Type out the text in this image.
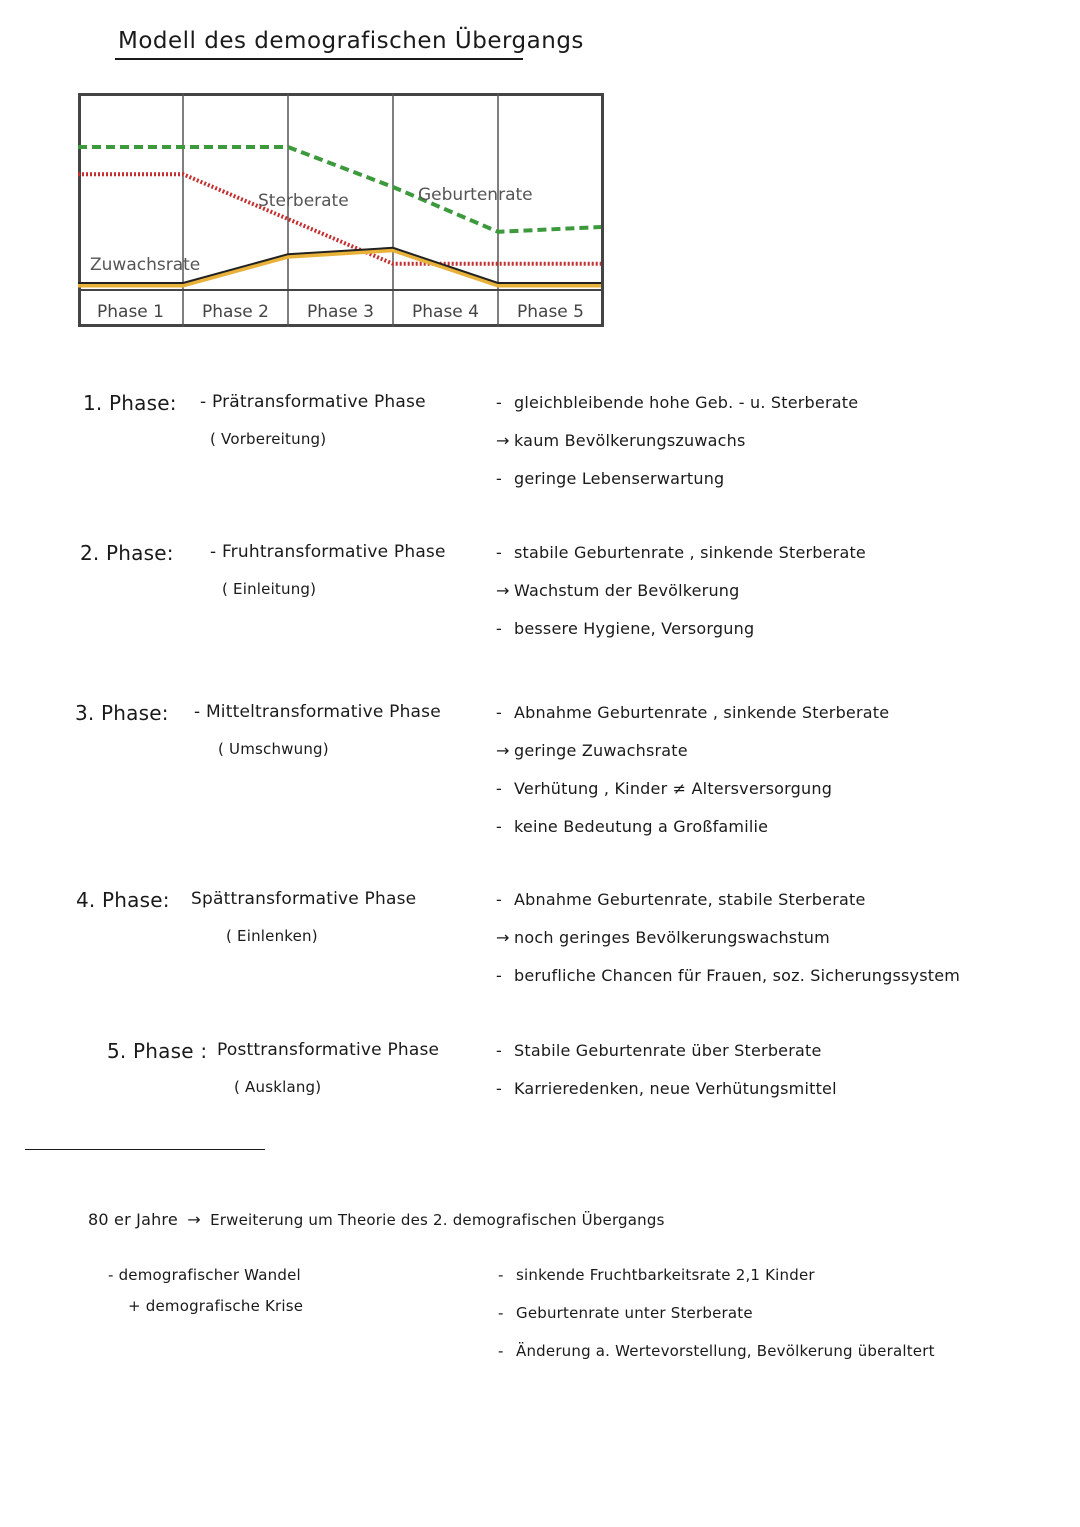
Modell des demografischen Übergangs
Geburtenrate
Sterberate
Zuwachsrate
Phase 1 Phase 2 Phase 3 Phase 4 Phase 5
1. Phase: - Prätransformative Phase
( Vorbereitung)
- gleichbleibende hohe Geb. - u. Sterberate
→ kaum Bevölkerungszuwachs
- geringe Lebenserwartung
2. Phase: - Fruhtransformative Phase
( Einleitung)
- stabile Geburtenrate , sinkende Sterberate
→ Wachstum der Bevölkerung
- bessere Hygiene, Versorgung
3. Phase: - Mitteltransformative Phase
( Umschwung)
- Abnahme Geburtenrate , sinkende Sterberate
→ geringe Zuwachsrate
- Verhütung , Kinder ≠ Altersversorgung
- keine Bedeutung a Großfamilie
4. Phase: Spättransformative Phase
( Einlenken)
- Abnahme Geburtenrate, stabile Sterberate
→ noch geringes Bevölkerungswachstum
- berufliche Chancen für Frauen, soz. Sicherungssystem
5. Phase : Posttransformative Phase
( Ausklang)
- Stabile Geburtenrate über Sterberate
- Karrieredenken, neue Verhütungsmittel
80 er Jahre → Erweiterung um Theorie des 2. demografischen Übergangs
- demografischer Wandel
+ demografische Krise
- sinkende Fruchtbarkeitsrate 2,1 Kinder
- Geburtenrate unter Sterberate
- Änderung a. Wertevorstellung, Bevölkerung überaltert
